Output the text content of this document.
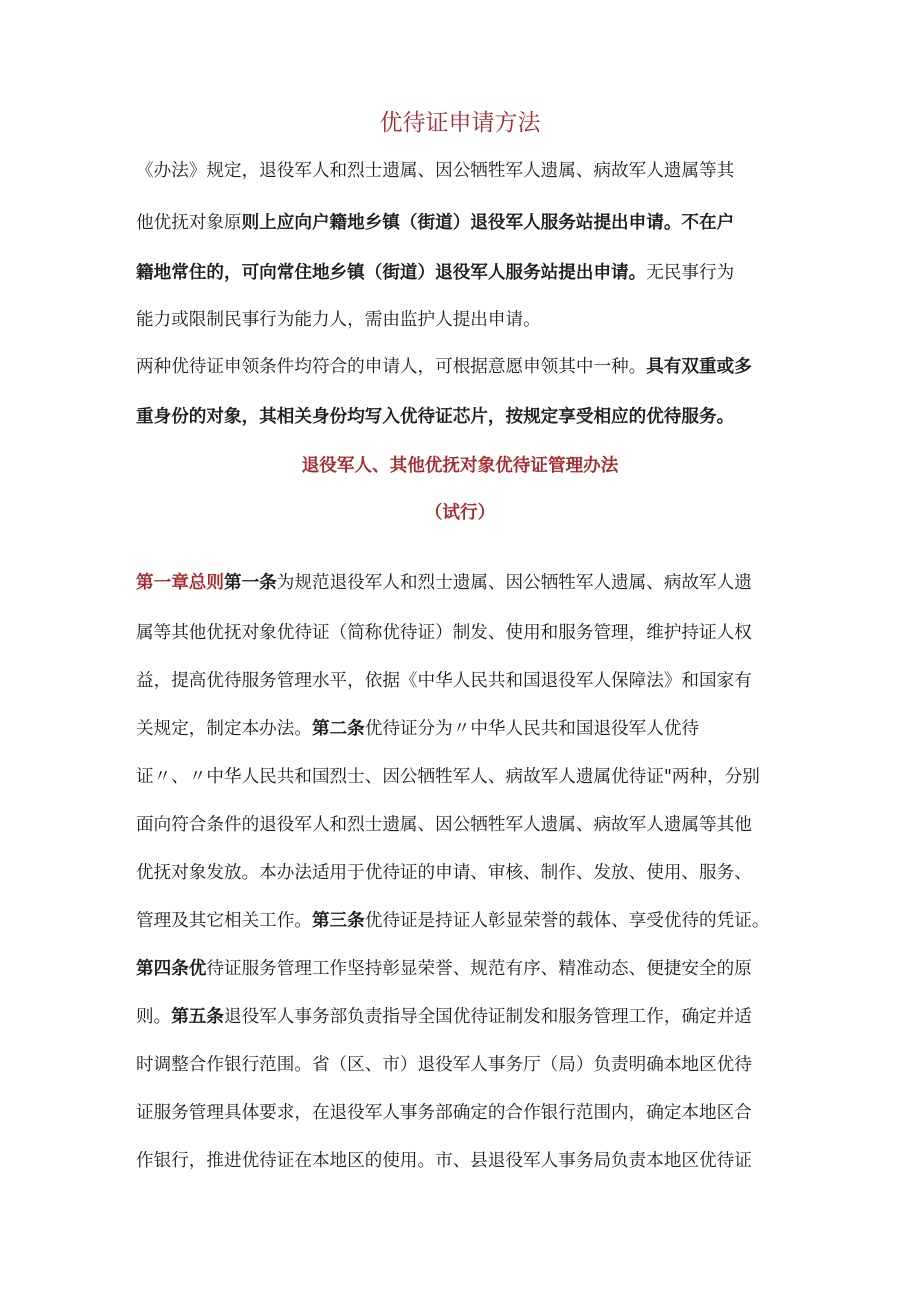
优待证申请方法
《办法》规定，退役军人和烈士遗属、因公牺牲军人遗属、病故军人遗属等其
他优抚对象原则上应向户籍地乡镇（街道）退役军人服务站提出申请。不在户
籍地常住的，可向常住地乡镇（街道）退役军人服务站提出申请。无民事行为
能力或限制民事行为能力人，需由监护人提出申请。
两种优待证申领条件均符合的申请人，可根据意愿申领其中一种。具有双重或多
重身份的对象，其相关身份均写入优待证芯片，按规定享受相应的优待服务。
退役军人、其他优抚对象优待证管理办法
（试行）
第一章总则第一条为规范退役军人和烈士遗属、因公牺牲军人遗属、病故军人遗
属等其他优抚对象优待证（简称优待证）制发、使用和服务管理，维护持证人权
益，提高优待服务管理水平，依据《中华人民共和国退役军人保障法》和国家有
关规定，制定本办法。第二条优待证分为〃中华人民共和国退役军人优待
证〃、〃中华人民共和国烈士、因公牺牲军人、病故军人遗属优待证"两种，分别
面向符合条件的退役军人和烈士遗属、因公牺牲军人遗属、病故军人遗属等其他
优抚对象发放。本办法适用于优待证的申请、审核、制作、发放、使用、服务、
管理及其它相关工作。第三条优待证是持证人彰显荣誉的载体、享受优待的凭证。
第四条优待证服务管理工作坚持彰显荣誉、规范有序、精准动态、便捷安全的原
则。第五条退役军人事务部负责指导全国优待证制发和服务管理工作，确定并适
时调整合作银行范围。省（区、市）退役军人事务厅（局）负责明确本地区优待
证服务管理具体要求，在退役军人事务部确定的合作银行范围内，确定本地区合
作银行，推进优待证在本地区的使用。市、县退役军人事务局负责本地区优待证
